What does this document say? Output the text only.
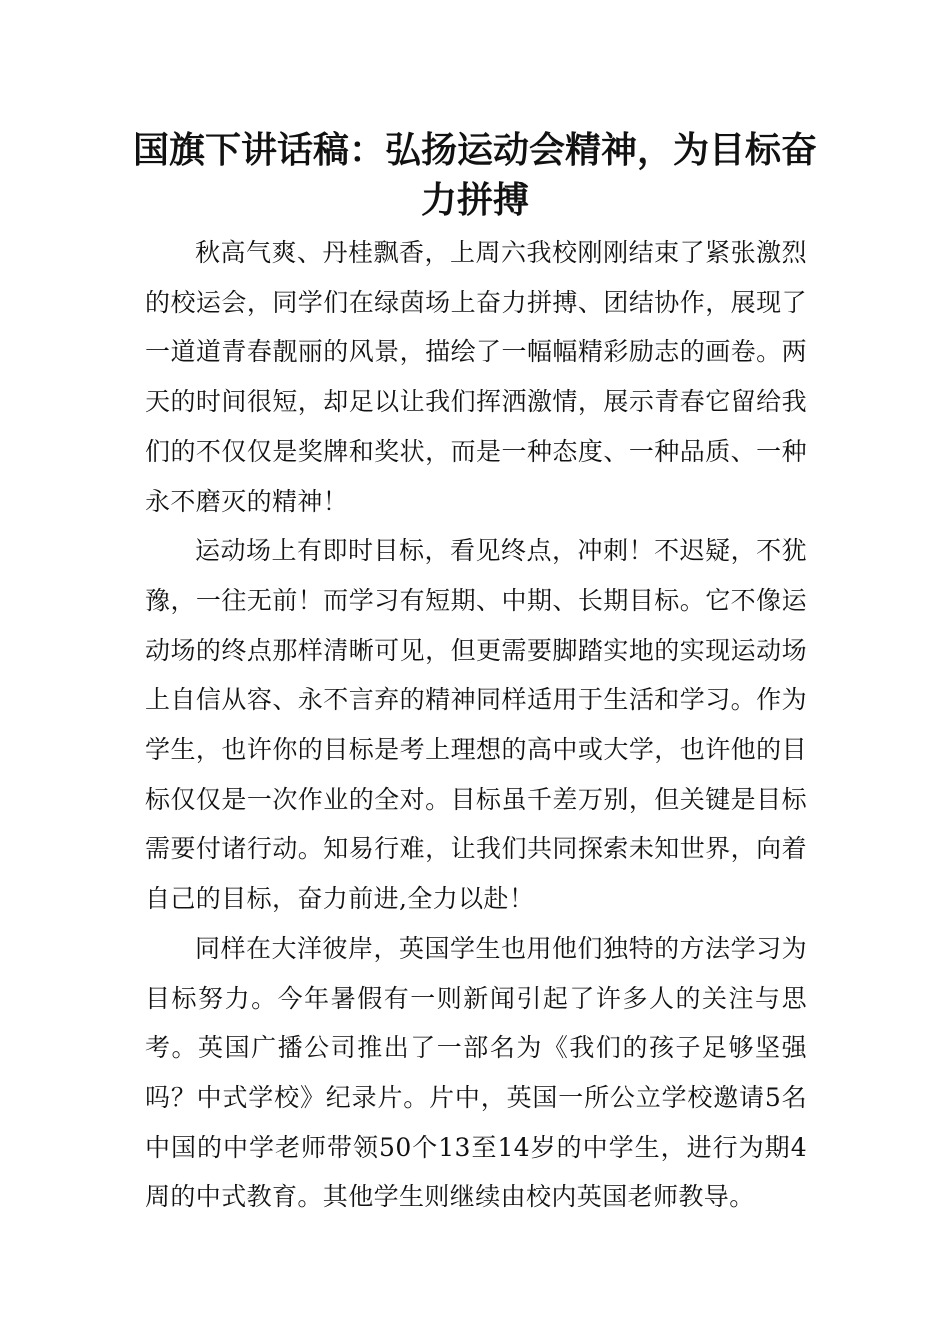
国旗下讲话稿：弘扬运动会精神，为目标奋力拼搏

秋高气爽、丹桂飘香，上周六我校刚刚结束了紧张激烈的校运会，同学们在绿茵场上奋力拼搏、团结协作，展现了一道道青春靓丽的风景，描绘了一幅幅精彩励志的画卷。两天的时间很短，却足以让我们挥洒激情，展示青春它留给我们的不仅仅是奖牌和奖状，而是一种态度、一种品质、一种永不磨灭的精神！

运动场上有即时目标，看见终点，冲刺！不迟疑，不犹豫，一往无前！而学习有短期、中期、长期目标。它不像运动场的终点那样清晰可见，但更需要脚踏实地的实现运动场上自信从容、永不言弃的精神同样适用于生活和学习。作为学生，也许你的目标是考上理想的高中或大学，也许他的目标仅仅是一次作业的全对。目标虽千差万别，但关键是目标需要付诸行动。知易行难，让我们共同探索未知世界，向着自己的目标，奋力前进,全力以赴！

同样在大洋彼岸，英国学生也用他们独特的方法学习为目标努力。今年暑假有一则新闻引起了许多人的关注与思考。英国广播公司推出了一部名为《我们的孩子足够坚强吗？中式学校》纪录片。片中，英国一所公立学校邀请5名中国的中学老师带领50个13至14岁的中学生，进行为期4周的中式教育。其他学生则继续由校内英国老师教导。
